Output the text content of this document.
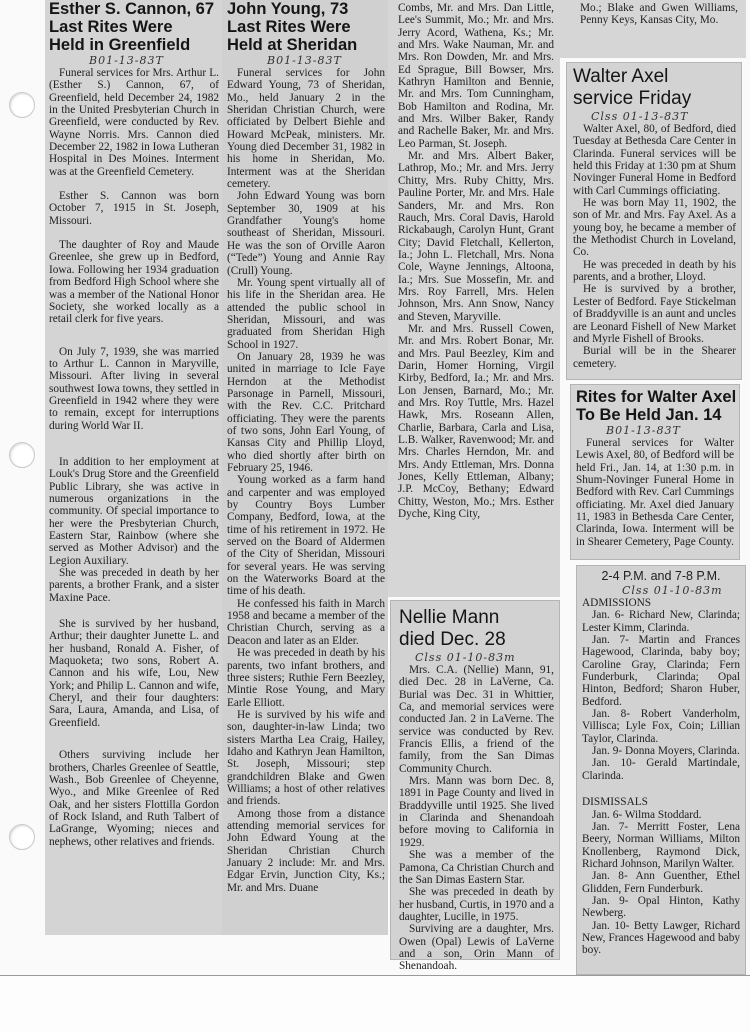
Esther S. Cannon, 67
Last Rites Were
Held in Greenfield
B01-13-83T

Funeral services for Mrs. Arthur L. (Esther S.) Cannon, 67, of Greenfield, held December 24, 1982 in the United Presbyterian Church in Greenfield, were conducted by Rev. Wayne Norris. Mrs. Cannon died December 22, 1982 in Iowa Lutheran Hospital in Des Moines. Interment was at the Greenfield Cemetery.

Esther S. Cannon was born October 7, 1915 in St. Joseph, Missouri.

The daughter of Roy and Maude Greenlee, she grew up in Bedford, Iowa. Following her 1934 graduation from Bedford High School where she was a member of the National Honor Society, she worked locally as a retail clerk for five years.

On July 7, 1939, she was married to Arthur L. Cannon in Maryville, Missouri. After living in several southwest Iowa towns, they settled in Greenfield in 1942 where they were to remain, except for interruptions during World War II.

In addition to her employment at Louk's Drug Store and the Greenfield Public Library, she was active in numerous organizations in the community. Of special importance to her were the Presbyterian Church, Eastern Star, Rainbow (where she served as Mother Advisor) and the Legion Auxiliary.

She was preceded in death by her parents, a brother Frank, and a sister Maxine Pace.

She is survived by her husband, Arthur; their daughter Junette L. and her husband, Ronald A. Fisher, of Maquoketa; two sons, Robert A. Cannon and his wife, Lou, New York; and Philip L. Cannon and wife, Cheryl, and their four daughters: Sara, Laura, Amanda, and Lisa, of Greenfield.

Others surviving include her brothers, Charles Greenlee of Seattle, Wash., Bob Greenlee of Cheyenne, Wyo., and Mike Greenlee of Red Oak, and her sisters Flottilla Gordon of Rock Island, and Ruth Talbert of LaGrange, Wyoming; nieces and nephews, other relatives and friends.

John Young, 73
Last Rites Were
Held at Sheridan
B01-13-83T

Funeral services for John Edward Young, 73 of Sheridan, Mo., held January 2 in the Sheridan Christian Church, were officiated by Delbert Biehle and Howard McPeak, ministers. Mr. Young died December 31, 1982 in his home in Sheridan, Mo. Interment was at the Sheridan cemetery.

John Edward Young was born September 30, 1909 at his Grandfather Young's home southeast of Sheridan, Missouri. He was the son of Orville Aaron (“Tede”) Young and Annie Ray (Crull) Young.

Mr. Young spent virtually all of his life in the Sheridan area. He attended the public school in Sheridan, Missouri, and was graduated from Sheridan High School in 1927.

On January 28, 1939 he was united in marriage to Icle Faye Herndon at the Methodist Parsonage in Parnell, Missouri, with the Rev. C.C. Pritchard officiating. They were the parents of two sons, John Earl Young, of Kansas City and Phillip Lloyd, who died shortly after birth on February 25, 1946.

Young worked as a farm hand and carpenter and was employed by Country Boys Lumber Company, Bedford, Iowa, at the time of his retirement in 1972. He served on the Board of Aldermen of the City of Sheridan, Missouri for several years. He was serving on the Waterworks Board at the time of his death.

He confessed his faith in March 1958 and became a member of the Christian Church, serving as a Deacon and later as an Elder.

He was preceded in death by his parents, two infant brothers, and three sisters; Ruthie Fern Beezley, Mintie Rose Young, and Mary Earle Elliott.

He is survived by his wife and son, daughter-in-law Linda; two sisters Martha Lea Craig, Hailey, Idaho and Kathryn Jean Hamilton, St. Joseph, Missouri; step grandchildren Blake and Gwen Williams; a host of other relatives and friends.

Among those from a distance attending memorial services for John Edward Young at the Sheridan Christian Church January 2 include: Mr. and Mrs. Edgar Ervin, Junction City, Ks.; Mr. and Mrs. Duane

Combs, Mr. and Mrs. Dan Little, Lee's Summit, Mo.; Mr. and Mrs. Jerry Acord, Wathena, Ks.; Mr. and Mrs. Wake Nauman, Mr. and Mrs. Ron Dowden, Mr. and Mrs. Ed Sprague, Bill Bowser, Mrs. Kathryn Hamilton and Bennie, Mr. and Mrs. Tom Cunningham, Bob Hamilton and Rodina, Mr. and Mrs. Wilber Baker, Randy and Rachelle Baker, Mr. and Mrs. Leo Parman, St. Joseph.

Mr. and Mrs. Albert Baker, Lathrop, Mo.; Mr. and Mrs. Jerry Chitty, Mrs. Ruby Chitty, Mrs. Pauline Porter, Mr. and Mrs. Hale Sanders, Mr. and Mrs. Ron Rauch, Mrs. Coral Davis, Harold Rickabaugh, Carolyn Hunt, Grant City; David Fletchall, Kellerton, Ia.; John L. Fletchall, Mrs. Nona Cole, Wayne Jennings, Altoona, Ia.; Mrs. Sue Mossefin, Mr. and Mrs. Roy Farrell, Mrs. Helen Johnson, Mrs. Ann Snow, Nancy and Steven, Maryville.

Mr. and Mrs. Russell Cowen, Mr. and Mrs. Robert Bonar, Mr. and Mrs. Paul Beezley, Kim and Darin, Homer Horning, Virgil Kirby, Bedford, Ia.; Mr. and Mrs. Lon Jensen, Barnard, Mo.; Mr. and Mrs. Roy Tuttle, Mrs. Hazel Hawk, Mrs. Roseann Allen, Charlie, Barbara, Carla and Lisa, L.B. Walker, Ravenwood; Mr. and Mrs. Charles Herndon, Mr. and Mrs. Andy Ettleman, Mrs. Donna Jones, Kelly Ettleman, Albany; J.P. McCoy, Bethany; Edward Chitty, Weston, Mo.; Mrs. Esther Dyche, King City,

Nellie Mann
died Dec. 28
Clss 01-10-83m

Mrs. C.A. (Nellie) Mann, 91, died Dec. 28 in LaVerne, Ca. Burial was Dec. 31 in Whittier, Ca, and memorial services were conducted Jan. 2 in LaVerne. The service was conducted by Rev. Francis Ellis, a friend of the family, from the San Dimas Community Church.

Mrs. Mann was born Dec. 8, 1891 in Page County and lived in Braddyville until 1925. She lived in Clarinda and Shenandoah before moving to California in 1929.

She was a member of the Pamona, Ca Christian Church and the San Dimas Eastern Star.

She was preceded in death by her husband, Curtis, in 1970 and a daughter, Lucille, in 1975.

Surviving are a daughter, Mrs. Owen (Opal) Lewis of LaVerne and a son, Orin Mann of Shenandoah.

Mo.; Blake and Gwen Williams, Penny Keys, Kansas City, Mo.

Walter Axel
service Friday
Clss 01-13-83T

Walter Axel, 80, of Bedford, died Tuesday at Bethesda Care Center in Clarinda. Funeral services will be held this Friday at 1:30 pm at Shum Novinger Funeral Home in Bedford with Carl Cummings officiating.

He was born May 11, 1902, the son of Mr. and Mrs. Fay Axel. As a young boy, he became a member of the Methodist Church in Loveland, Co.

He was preceded in death by his parents, and a brother, Lloyd.

He is survived by a brother, Lester of Bedford. Faye Stickelman of Braddyville is an aunt and uncles are Leonard Fishell of New Market and Myrle Fishell of Brooks.

Burial will be in the Shearer cemetery.

Rites for Walter Axel
To Be Held Jan. 14
B01-13-83T

Funeral services for Walter Lewis Axel, 80, of Bedford will be held Fri., Jan. 14, at 1:30 p.m. in Shum-Novinger Funeral Home in Bedford with Rev. Carl Cummings officiating. Mr. Axel died January 11, 1983 in Bethesda Care Center, Clarinda, Iowa. Interment will be in Shearer Cemetery, Page County.

2-4 P.M. and 7-8 P.M.
Clss 01-10-83m
ADMISSIONS

Jan. 6- Richard New, Clarinda; Lester Kimm, Clarinda.

Jan. 7- Martin and Frances Hagewood, Clarinda, baby boy; Caroline Gray, Clarinda; Fern Funderburk, Clarinda; Opal Hinton, Bedford; Sharon Huber, Bedford.

Jan. 8- Robert Vanderholm, Villisca; Lyle Fox, Coin; Lillian Taylor, Clarinda.

Jan. 9- Donna Moyers, Clarinda.

Jan. 10- Gerald Martindale, Clarinda.

DISMISSALS

Jan. 6- Wilma Stoddard.

Jan. 7- Merritt Foster, Lena Beery, Norman Williams, Milton Knollenberg, Raymond Dick, Richard Johnson, Marilyn Walter.

Jan. 8- Ann Guenther, Ethel Glidden, Fern Funderburk.

Jan. 9- Opal Hinton, Kathy Newberg.

Jan. 10- Betty Lawger, Richard New, Frances Hagewood and baby boy.
